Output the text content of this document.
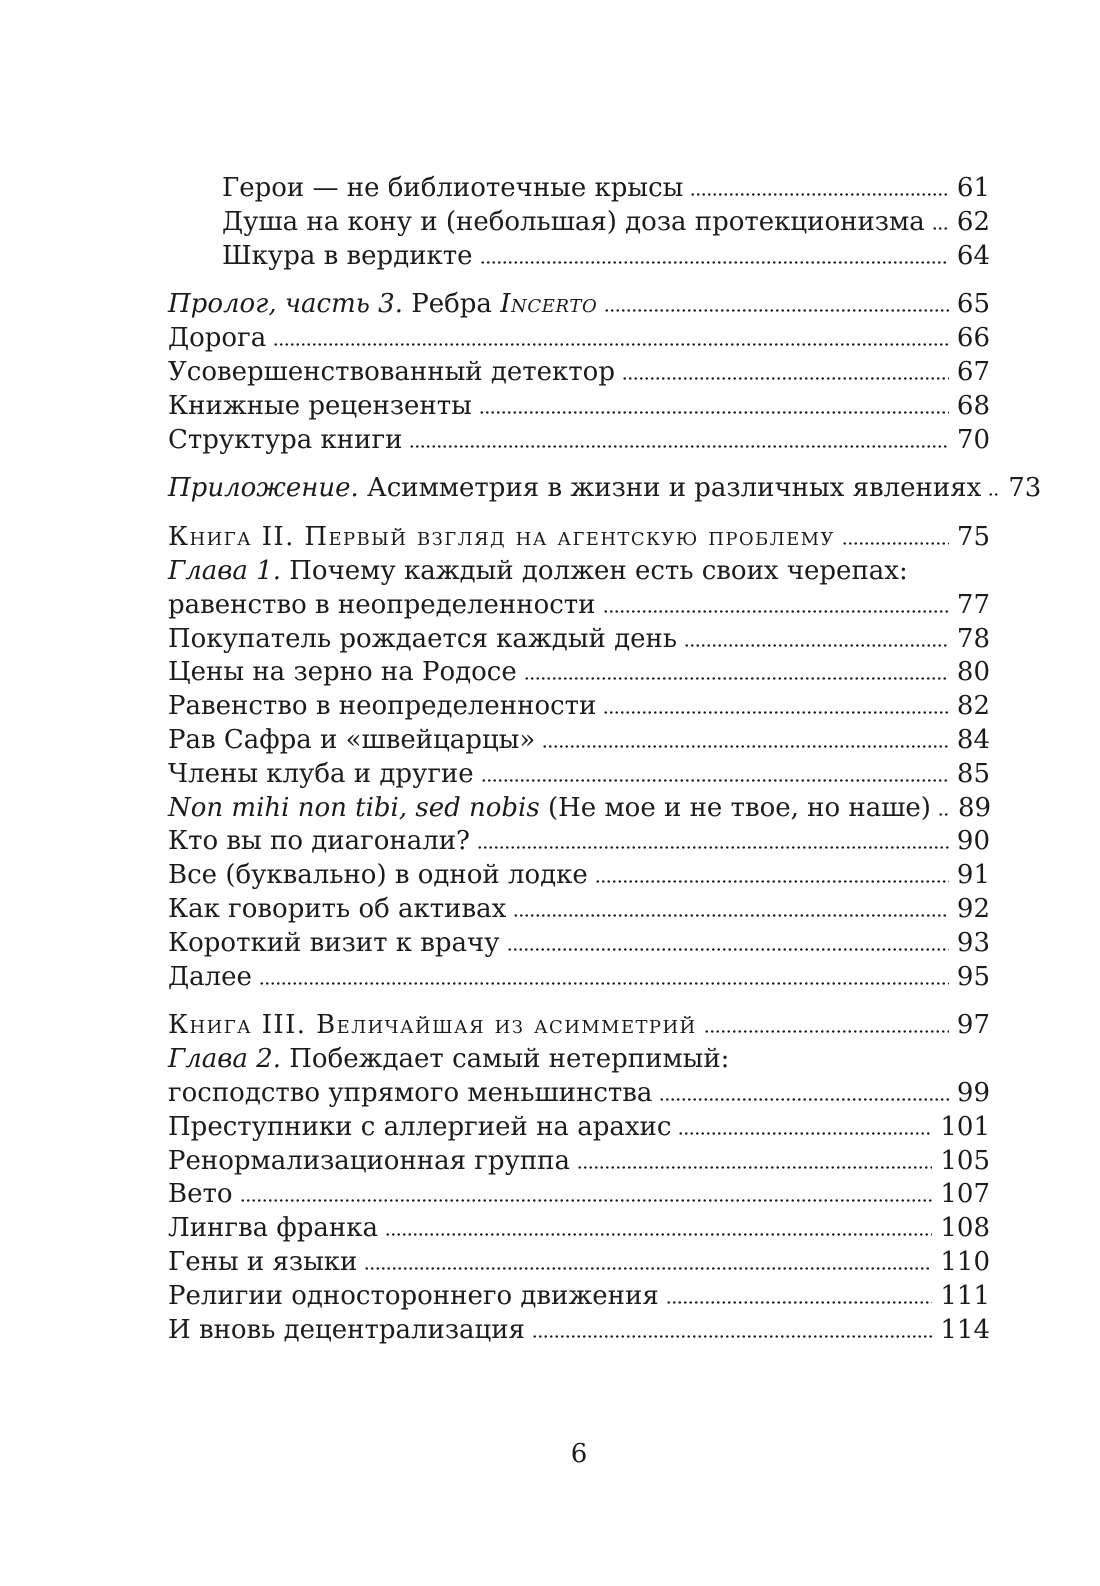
Герои — не библиотечные крысы	61
Душа на кону и (небольшая) доза протекционизма 62
Шкура в вердикте	64
Пролог, часть 3. Ребра Incerto	65
Дорога	66
Усовершенствованный детектор	67
Книжные рецензенты	68
Структура книги	70
Приложение. Асимметрия в жизни и различных явлениях 73
Книга II. Первый взгляд на агентскую проблему	75
Глава 1. Почему каждый должен есть своих черепах:
равенство в неопределенности	77
Покупатель рождается каждый день	78
Цены на зерно на Родосе	80
Равенство в неопределенности	82
Рав Сафра и «швейцарцы»	84
Члены клуба и другие	85
Non mihi non tibi, sed nobis (Не мое и не твое, но наше) 89
Кто вы по диагонали?	90
Все (буквально) в одной лодке	91
Как говорить об активах	92
Короткий визит к врачу	93
Далее	95
Книга III. Величайшая из асимметрий	97
Глава 2. Побеждает самый нетерпимый:
господство упрямого меньшинства	99
Преступники с аллергией на арахис	101
Ренормализационная группа	105
Вето	107
Лингва франка	108
Гены и языки	110
Религии одностороннего движения	111
И вновь децентрализация	114
6
